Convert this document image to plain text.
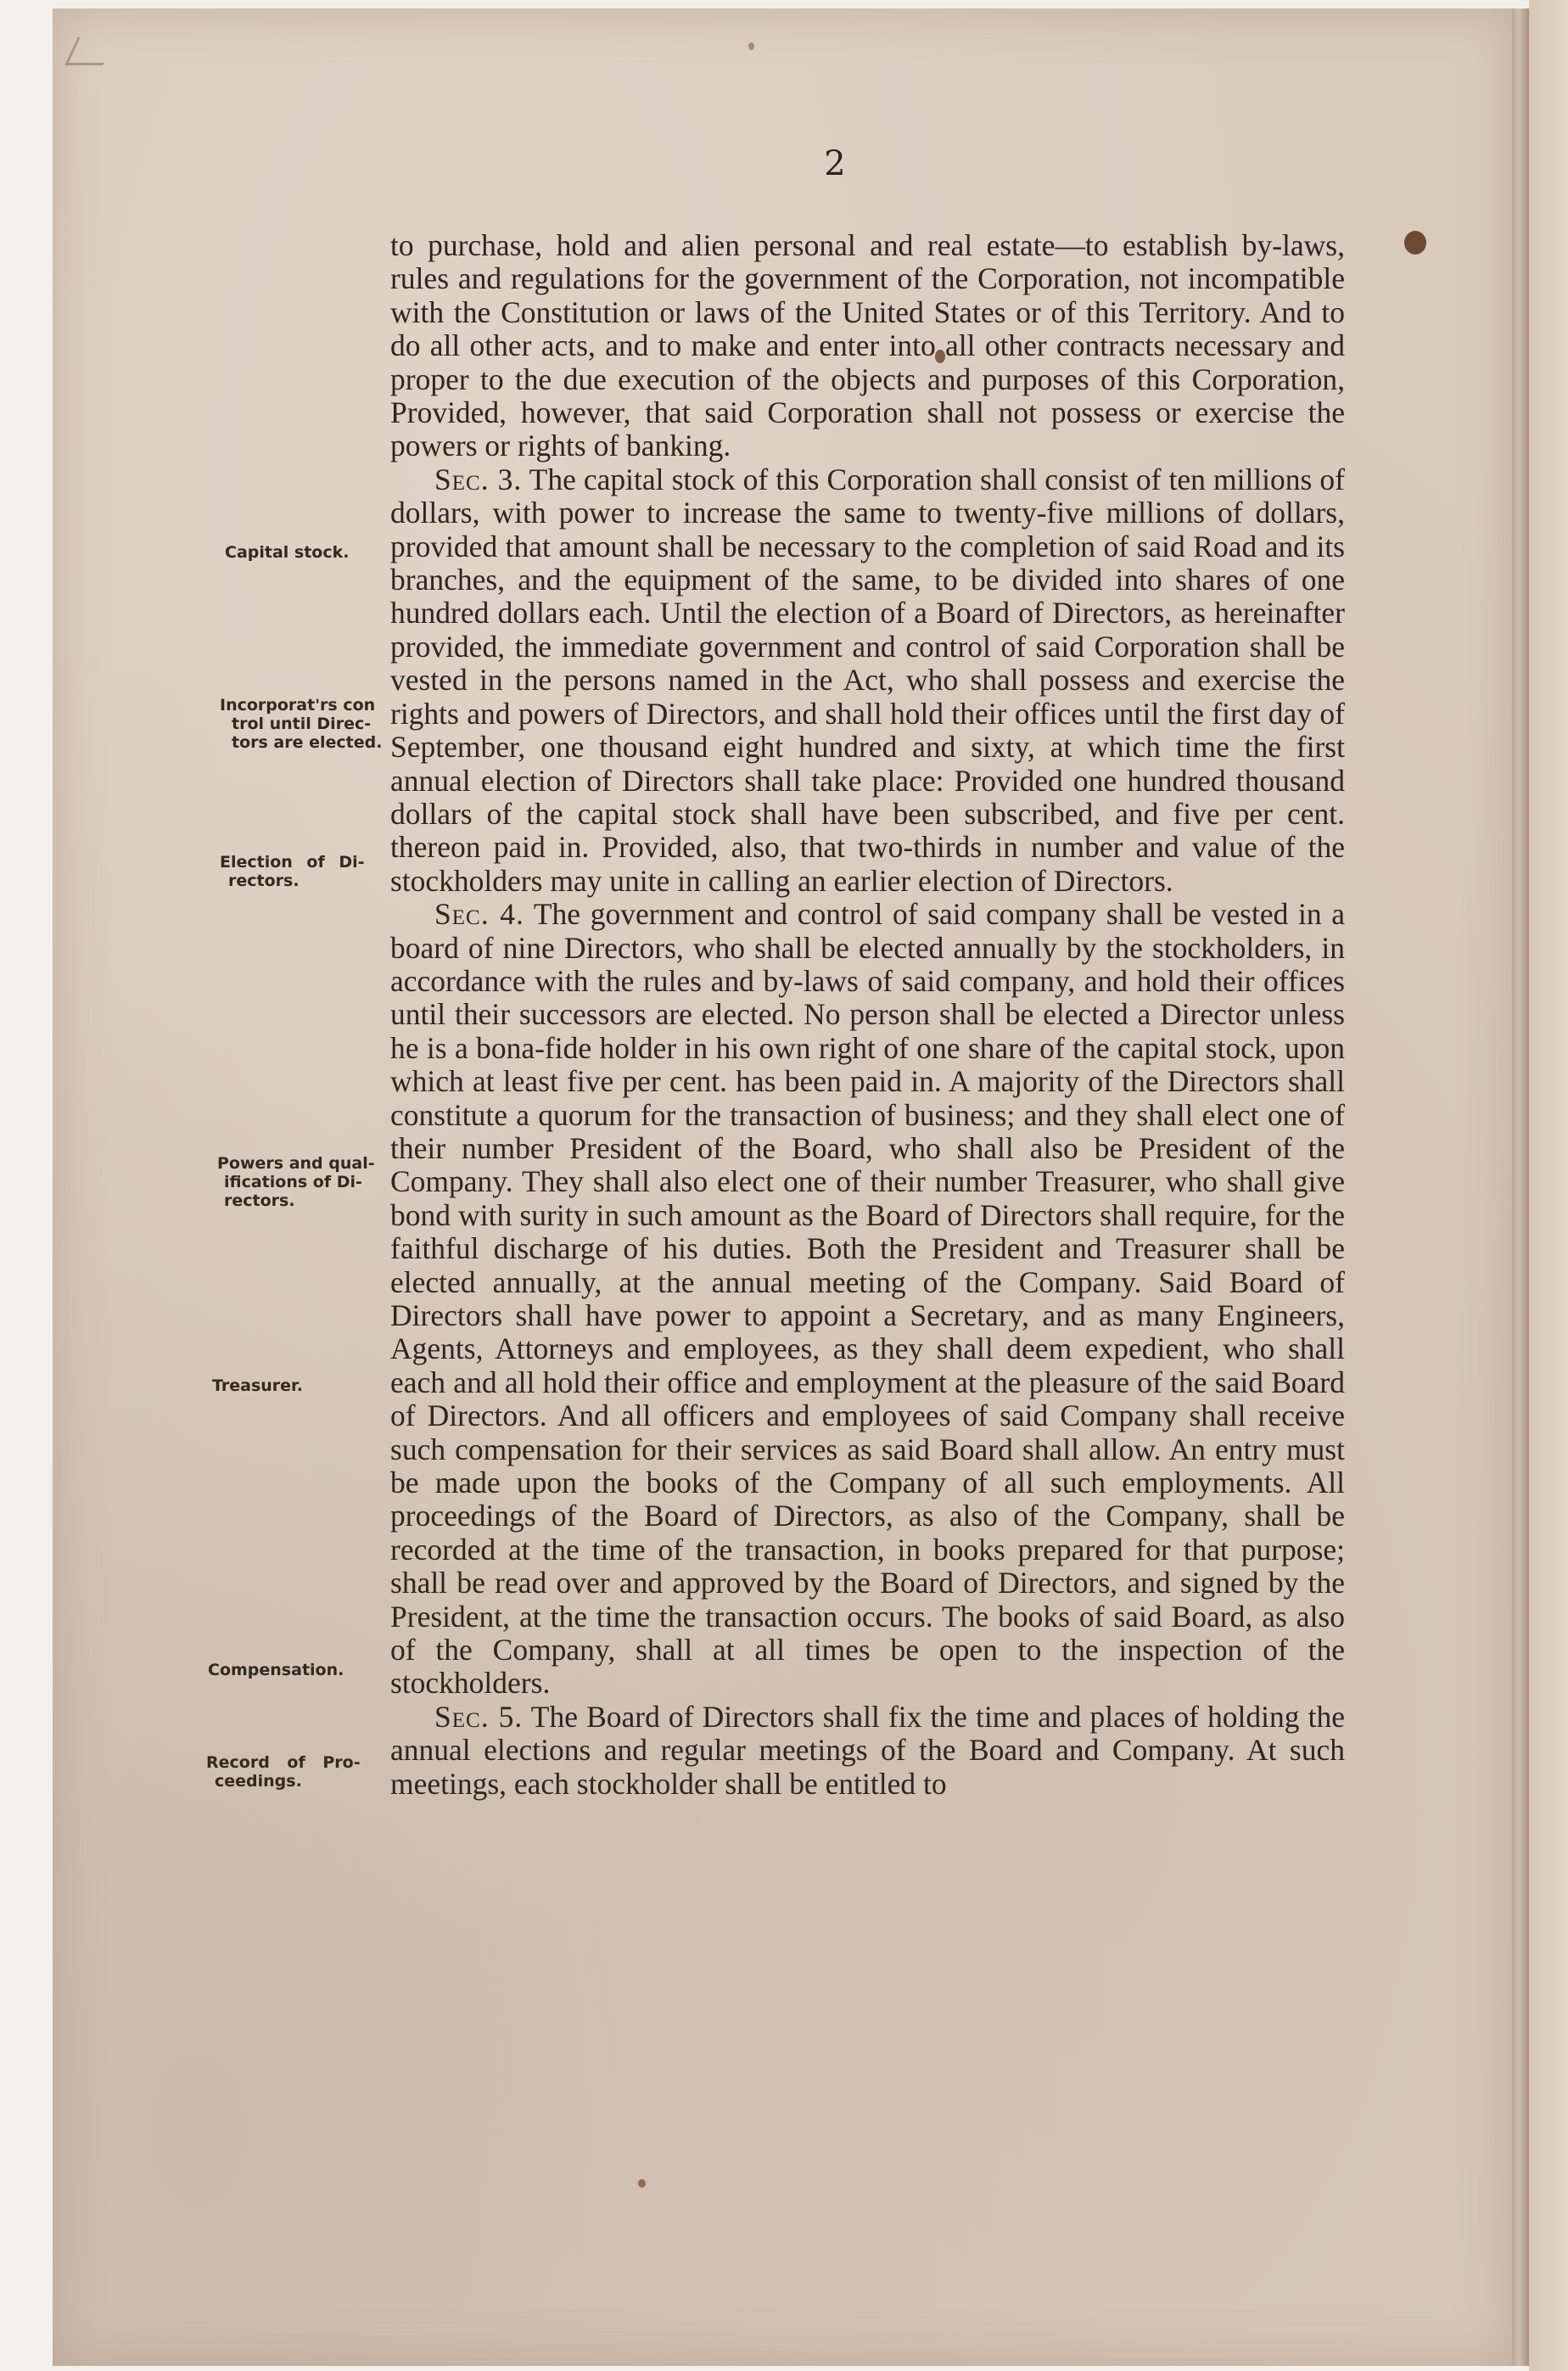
2
Capital stock.
Incorporat'rs con
trol until Direc-
tors are elected.
Election of Di-
rectors.
Powers and qual-
ifications of Di-
rectors.
Treasurer.
Compensation.
Record of Pro-
ceedings.

to purchase, hold and alien personal and real estate—to establish by-laws, rules and regulations for the government of the Corporation, not incompatible with the Constitution or laws of the United States or of this Territory. And to do all other acts, and to make and enter into all other contracts necessary and proper to the due execution of the objects and purposes of this Corporation, Provided, however, that said Corporation shall not possess or exercise the powers or rights of banking.

Sec. 3. The capital stock of this Corporation shall consist of ten millions of dollars, with power to increase the same to twenty-five millions of dollars, provided that amount shall be necessary to the completion of said Road and its branches, and the equipment of the same, to be divided into shares of one hundred dollars each. Until the election of a Board of Directors, as hereinafter provided, the immediate government and control of said Corporation shall be vested in the persons named in the Act, who shall possess and exercise the rights and powers of Directors, and shall hold their offices until the first day of September, one thousand eight hundred and sixty, at which time the first annual election of Directors shall take place: Provided one hundred thousand dollars of the capital stock shall have been subscribed, and five per cent. thereon paid in. Provided, also, that two-thirds in number and value of the stockholders may unite in calling an earlier election of Directors.

Sec. 4. The government and control of said company shall be vested in a board of nine Directors, who shall be elected annually by the stockholders, in accordance with the rules and by-laws of said company, and hold their offices until their successors are elected. No person shall be elected a Director unless he is a bona-fide holder in his own right of one share of the capital stock, upon which at least five per cent. has been paid in. A majority of the Directors shall constitute a quorum for the transaction of business; and they shall elect one of their number President of the Board, who shall also be President of the Company. They shall also elect one of their number Treasurer, who shall give bond with surity in such amount as the Board of Directors shall require, for the faithful discharge of his duties. Both the President and Treasurer shall be elected annually, at the annual meeting of the Company. Said Board of Directors shall have power to appoint a Secretary, and as many Engineers, Agents, Attorneys and employees, as they shall deem expedient, who shall each and all hold their office and employment at the pleasure of the said Board of Directors. And all officers and employees of said Company shall receive such compensation for their services as said Board shall allow. An entry must be made upon the books of the Company of all such employments. All proceedings of the Board of Directors, as also of the Company, shall be recorded at the time of the transaction, in books prepared for that purpose; shall be read over and approved by the Board of Directors, and signed by the President, at the time the transaction occurs. The books of said Board, as also of the Company, shall at all times be open to the inspection of the stockholders.

Sec. 5. The Board of Directors shall fix the time and places of holding the annual elections and regular meetings of the Board and Company. At such meetings, each stockholder shall be entitled to
